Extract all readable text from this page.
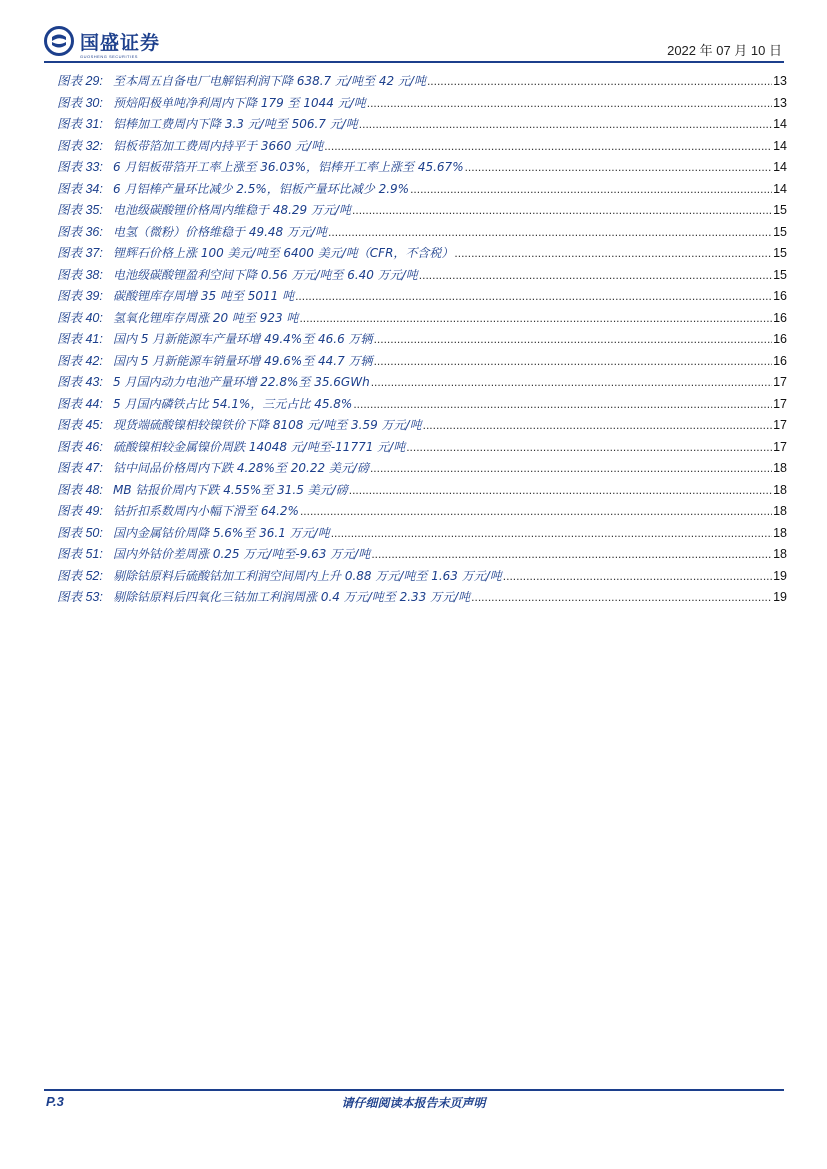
国盛证券
GUOSHENG SECURITIES	2022 年 07 月 10 日
图表 29: 至本周五自备电厂电解铝利润下降 638.7 元/吨至 42 元/吨 .....	13
图表 30: 预焙阳极单吨净利周内下降 179 至 1044 元/吨 .....	13
图表 31: 铝棒加工费周内下降 3.3 元/吨至 506.7 元/吨 .....	14
图表 32: 铝板带箔加工费周内持平于 3660 元/吨 .....	14
图表 33: 6 月铝板带箔开工率上涨至 36.03%，铝棒开工率上涨至 45.67% .....	14
图表 34: 6 月铝棒产量环比减少 2.5%，铝板产量环比减少 2.9% .....	14
图表 35: 电池级碳酸锂价格周内维稳于 48.29 万元/吨 .....	15
图表 36: 电氢（微粉）价格维稳于 49.48 万元/吨 .....	15
图表 37: 锂辉石价格上涨 100 美元/吨至 6400 美元/吨（CFR，不含税） .....	15
图表 38: 电池级碳酸锂盈利空间下降 0.56 万元/吨至 6.40 万元/吨 .....	15
图表 39: 碳酸锂库存周增 35 吨至 5011 吨 .....	16
图表 40: 氢氧化锂库存周涨 20 吨至 923 吨 .....	16
图表 41: 国内 5 月新能源车产量环增 49.4%至 46.6 万辆 .....	16
图表 42: 国内 5 月新能源车销量环增 49.6%至 44.7 万辆 .....	16
图表 43: 5 月国内动力电池产量环增 22.8%至 35.6GWh .....	17
图表 44: 5 月国内磷铁占比 54.1%，三元占比 45.8% .....	17
图表 45: 现货端硫酸镍相较镍铁价下降 8108 元/吨至 3.59 万元/吨 .....	17
图表 46: 硫酸镍相较金属镍价周跌 14048 元/吨至-11771 元/吨 .....	17
图表 47: 钴中间品价格周内下跌 4.28%至 20.22 美元/磅 .....	18
图表 48: MB 钴报价周内下跌 4.55%至 31.5 美元/磅 .....	18
图表 49: 钴折扣系数周内小幅下滑至 64.2% .....	18
图表 50: 国内金属钴价周降 5.6%至 36.1 万元/吨 .....	18
图表 51: 国内外钴价差周涨 0.25 万元/吨至-9.63 万元/吨 .....	18
图表 52: 剔除钴原料后硫酸钴加工利润空间周内上升 0.88 万元/吨至 1.63 万元/吨 .....	19
图表 53: 剔除钴原料后四氧化三钴加工利润周涨 0.4 万元/吨至 2.33 万元/吨 .....	19
P.3	请仔细阅读本报告末页声明
